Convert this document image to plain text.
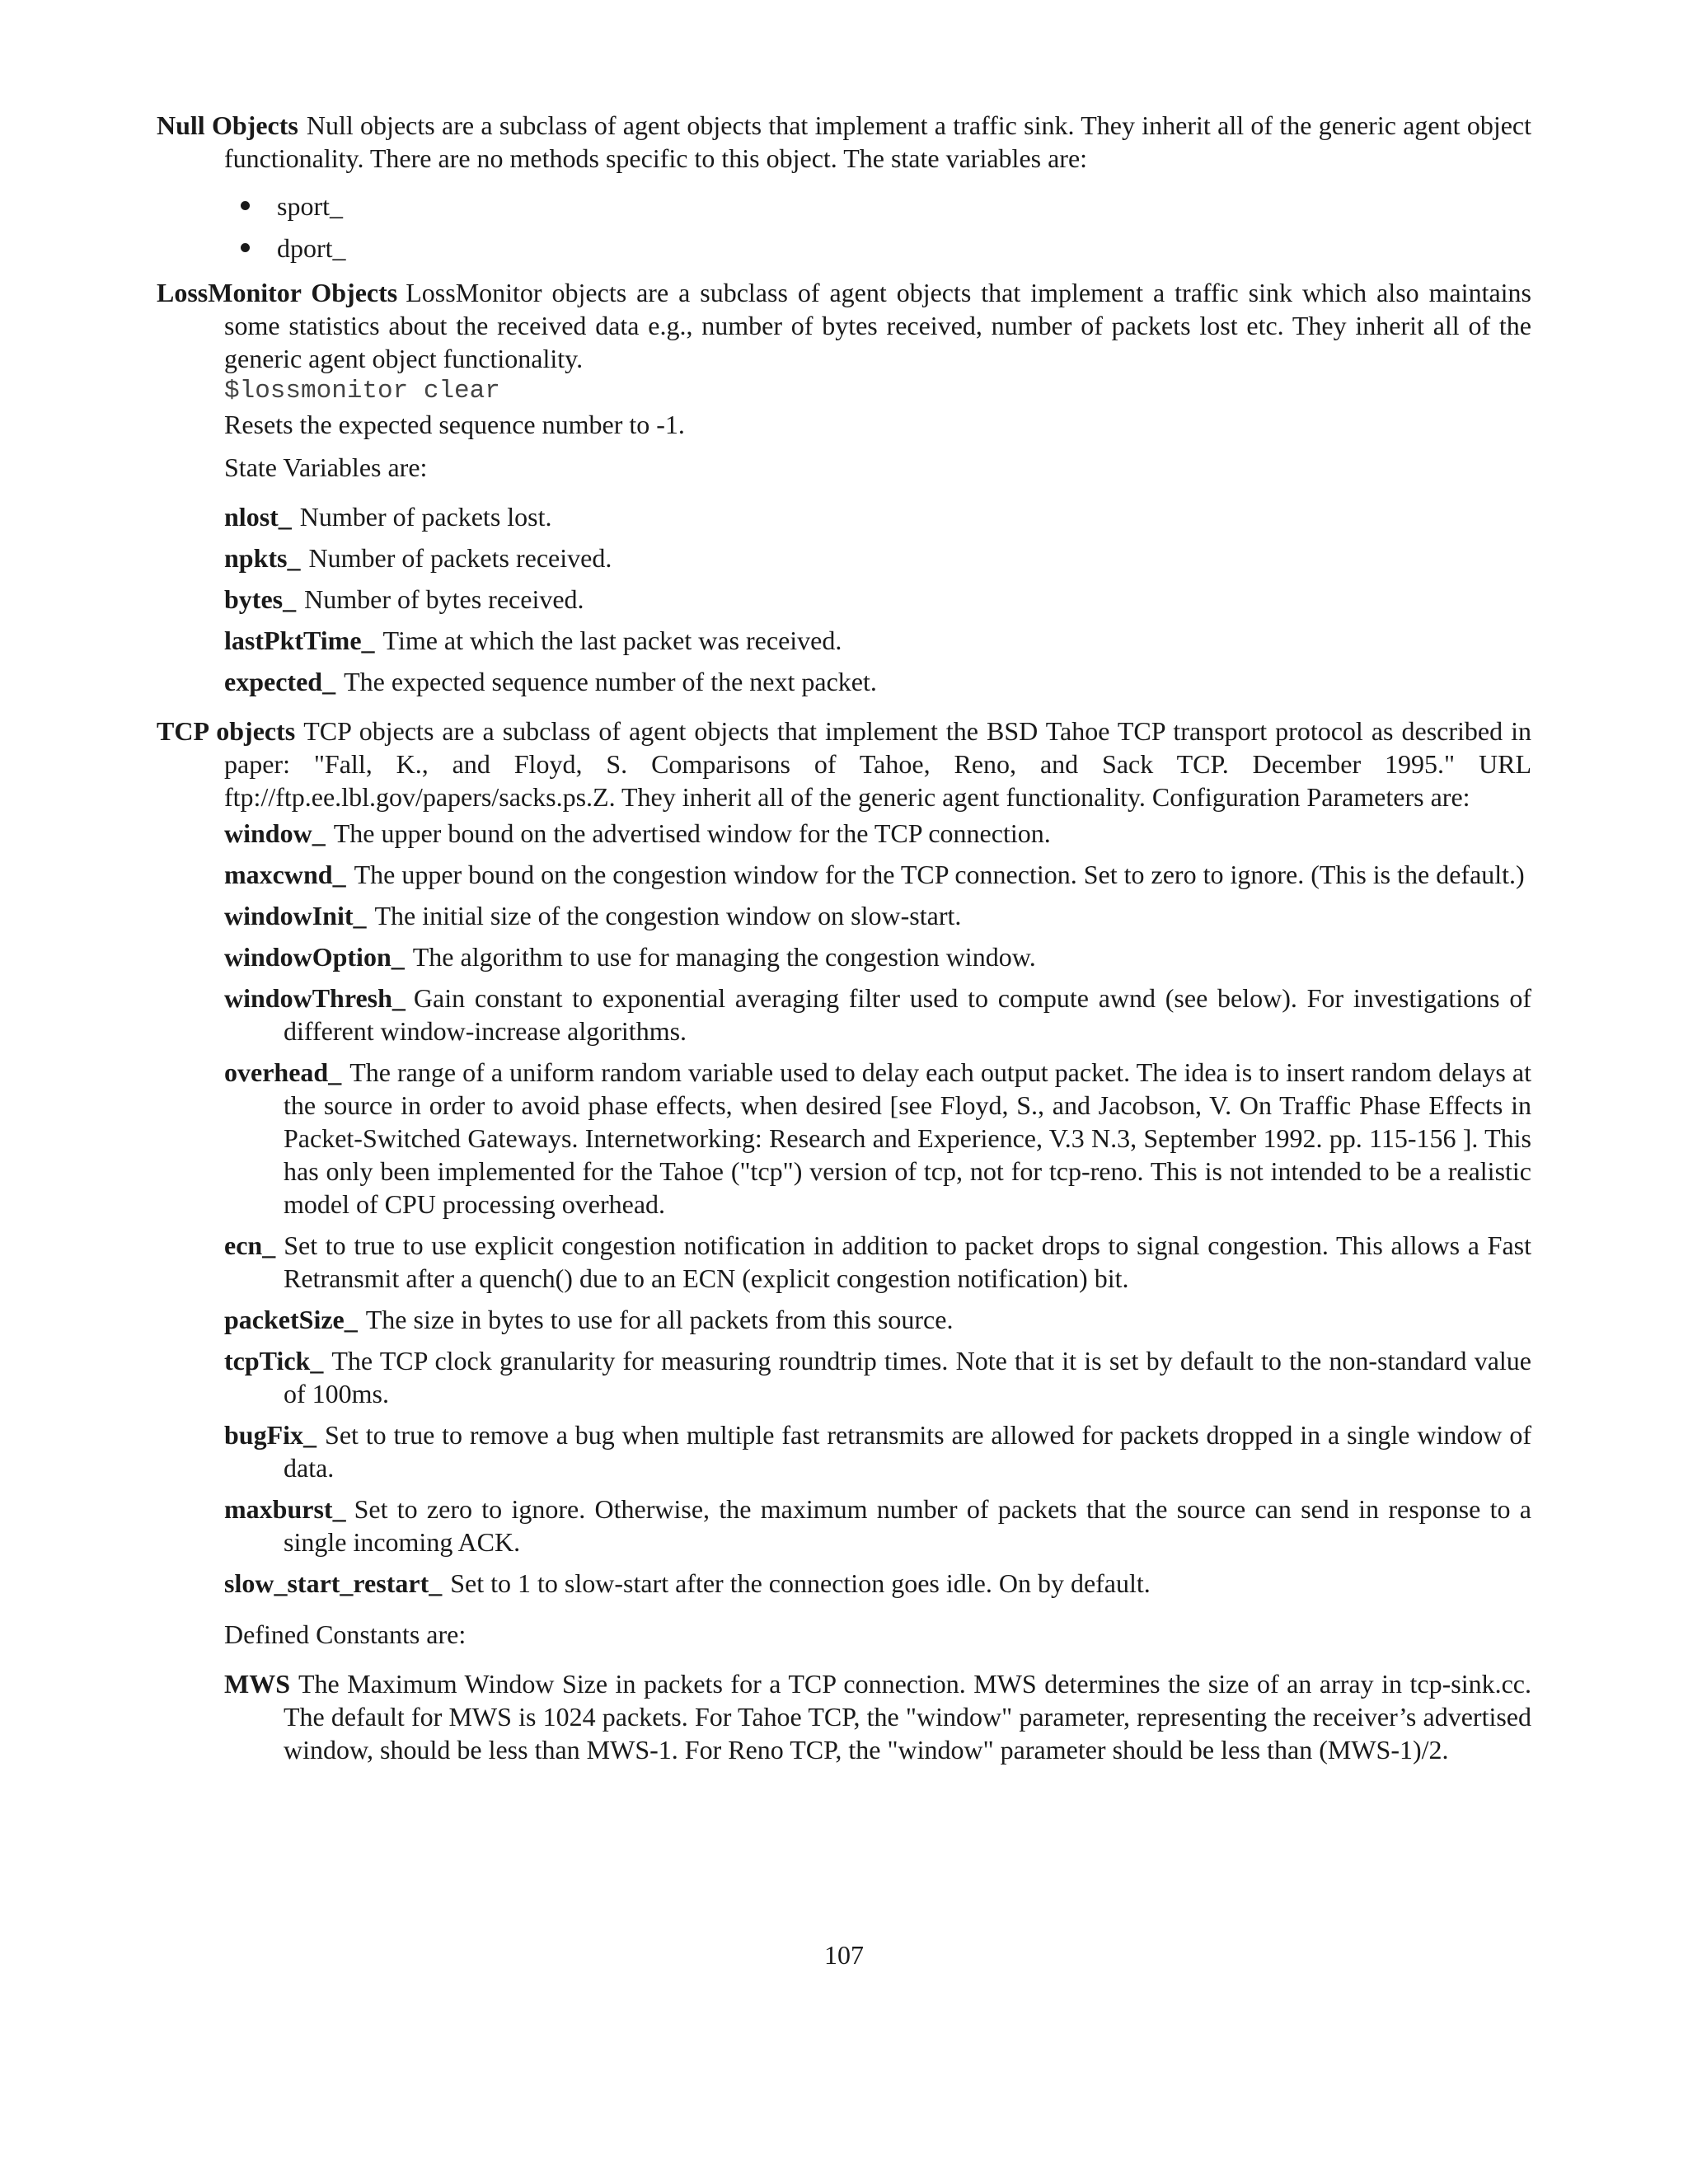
Null Objects Null objects are a subclass of agent objects that implement a traffic sink. They inherit all of the generic agent object functionality. There are no methods specific to this object. The state variables are:
sport_
dport_
LossMonitor Objects LossMonitor objects are a subclass of agent objects that implement a traffic sink which also maintains some statistics about the received data e.g., number of bytes received, number of packets lost etc. They inherit all of the generic agent object functionality.
$lossmonitor clear
Resets the expected sequence number to -1.
State Variables are:
nlost_ Number of packets lost.
npkts_ Number of packets received.
bytes_ Number of bytes received.
lastPktTime_ Time at which the last packet was received.
expected_ The expected sequence number of the next packet.
TCP objects TCP objects are a subclass of agent objects that implement the BSD Tahoe TCP transport protocol as described in paper: "Fall, K., and Floyd, S. Comparisons of Tahoe, Reno, and Sack TCP. December 1995." URL ftp://ftp.ee.lbl.gov/papers/sacks.ps.Z. They inherit all of the generic agent functionality. Configuration Parameters are:
window_ The upper bound on the advertised window for the TCP connection.
maxcwnd_ The upper bound on the congestion window for the TCP connection. Set to zero to ignore. (This is the default.)
windowInit_ The initial size of the congestion window on slow-start.
windowOption_ The algorithm to use for managing the congestion window.
windowThresh_ Gain constant to exponential averaging filter used to compute awnd (see below). For investigations of different window-increase algorithms.
overhead_ The range of a uniform random variable used to delay each output packet. The idea is to insert random delays at the source in order to avoid phase effects, when desired [see Floyd, S., and Jacobson, V. On Traffic Phase Effects in Packet-Switched Gateways. Internetworking: Research and Experience, V.3 N.3, September 1992. pp. 115-156 ]. This has only been implemented for the Tahoe ("tcp") version of tcp, not for tcp-reno. This is not intended to be a realistic model of CPU processing overhead.
ecn_ Set to true to use explicit congestion notification in addition to packet drops to signal congestion. This allows a Fast Retransmit after a quench() due to an ECN (explicit congestion notification) bit.
packetSize_ The size in bytes to use for all packets from this source.
tcpTick_ The TCP clock granularity for measuring roundtrip times. Note that it is set by default to the non-standard value of 100ms.
bugFix_ Set to true to remove a bug when multiple fast retransmits are allowed for packets dropped in a single window of data.
maxburst_ Set to zero to ignore. Otherwise, the maximum number of packets that the source can send in response to a single incoming ACK.
slow_start_restart_ Set to 1 to slow-start after the connection goes idle. On by default.
Defined Constants are:
MWS The Maximum Window Size in packets for a TCP connection. MWS determines the size of an array in tcp-sink.cc. The default for MWS is 1024 packets. For Tahoe TCP, the "window" parameter, representing the receiver’s advertised window, should be less than MWS-1. For Reno TCP, the "window" parameter should be less than (MWS-1)/2.
107
